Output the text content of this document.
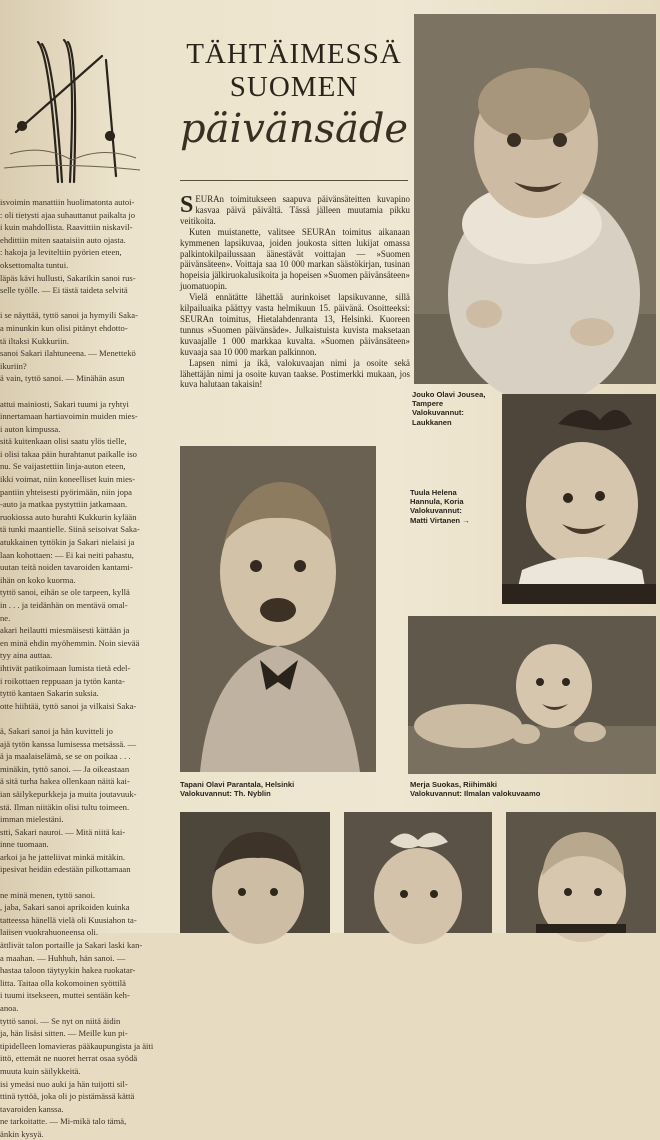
isvoimin manattiin huolimatonta autoi-

: oli tietysti ajaa suhauttanut paikalta jo

i kuin mahdollista. Raavittiin niskavil-

ehdittiin miten saataisiin auto ojasta.

: hakoja ja leviteltiin pyörien eteen,

oksettomalta tuntui.

läpäs kävi hullusti, Sakarikin sanoi rus-

selle työlle. — Ei tästä taideta selvitä

i se näyttää, tyttö sanoi ja hymyili Saka-

a minunkin kun olisi pitänyt ehdotto-

tä iltaksi Kukkuriin.

sanoi Sakari ilahtuneena. — Menettekö

ikuriin?

ä vain, tyttö sanoi. — Minähän asun

attui mainiosti, Sakari tuumi ja ryhtyi

innertamaan hartiavoimin muiden mies-

i auton kimpussa.

sitä kuitenkaan olisi saatu ylös tielle,

i olisi takaa päin hurahtanut paikalle iso

nu. Se vaijastettiin linja-auton eteen,

ikki voimat, niin koneelliset kuin mies-

pantiin yhteisesti pyörimään, niin jopa

-auto ja matkaa pystyttiin jatkamaan.

ruokiossa auto hurahti Kukkurin kylään

tä tunki maantielle. Siinä seisoivat Saka-

atukkainen tyttökin ja Sakari nielaisi ja

laan kohottaen: — Ei kai neiti pahastu,

uutan teitä noiden tavaroiden kantami-

ihän on koko kuorma.

tyttö sanoi, eihän se ole tarpeen, kyllä

in . . . ja teidänhän on mentävä omal-

ne.

akari heilautti miesmäisesti kättään ja

en minä ehdin myöhemmin. Noin sievää

tyy aina auttaa.

ihtivät patikoimaan lumista tietä edel-

i roikottaen reppuaan ja tytön kanta-

tyttö kantaen Sakarin suksia.

otte hiihtää, tyttö sanoi ja vilkaisi Saka-

ä, Sakari sanoi ja hän kuvitteli jo

ajä tytön kanssa lumisessa metsässä. —

ä ja maalaiselämä, se se on poikaa . . .

minäkin, tyttö sanoi. — Ja oikeastaan

ä sitä turha hakea ollenkaan näitä kai-

ian säilykepurkkeja ja muita joutavuuk-

stä. Ilman niitäkin olisi tultu toimeen.

imman mielestäni.

stti, Sakari nauroi. — Mitä niitä kai-

inne tuomaan.

arkoi ja he jatteliivat minkä mitäkin.

ipesivat heidän edestään pilkottamaan

ne minä menen, tyttö sanoi.

, jaba, Sakari sanoi aprikoiden kuinka

tatteessa hänellä vielä oli Kuusiahon ta-

laiisen vuokrahuoneensa oli.

ättlivät talon portaille ja Sakari laski kan-

a maahan. — Huhhuh, hän sanoi. —

hastaa taloon täytyykin hakea ruokatar-

litta. Taitaa olla kokomoinen syöttilä

i tuumi itsekseen, muttei sentään keh-

anoa.

tyttö sanoi. — Se nyt on niitä äidin

ja, hän lisäsi sitten. — Meille kun pi-

tipidelleen lomavieras pääkaupungista ja äiti

ittö, ettemät ne nuoret herrat osaa syödä

muuta kuin säilykkeitä.

isi ymeäsi nuo auki ja hän tuijotti sil-

ttinä tyttöä, joka oli jo pistämässä kättä

tavaroiden kanssa.

ne tarkoitatte. — Mi-mikä talo tämä,

änkin kysyä.

TÄHTÄIMESSÄ
SUOMEN
päivänsäde

S EURAn toimitukseen saapuva päivänsäteitten kuvapino kasvaa päivä päivältä. Tässä jälleen muutamia pikku veitikoita.

Kuten muistanette, valitsee SEURAn toimitus aikanaan kymmenen lapsikuvaa, joiden joukosta sitten lukijat omassa palkintokilpailussaan äänestävät voittajan — »Suomen päivänsäteen». Voittaja saa 10 000 markan säästökirjan, tusinan hopeisia jälkiruokalusikoita ja hopeisen »Suomen päivänsäteen» juomatuopin.

Vielä ennätätte lähettää aurinkoiset lapsikuvanne, sillä kilpailuaika päättyy vasta helmikuun 15. päivänä. Osoitteeksi: SEURAn toimitus, Hietalahdenranta 13, Helsinki. Kuoreen tunnus »Suomen päivänsäde». Julkaistuista kuvista maksetaan kuvaajalle 1 000 markkaa kuvalta. »Suomen päivänsäteen» kuvaaja saa 10 000 markan palkinnon.

Lapsen nimi ja ikä, valokuvaajan nimi ja osoite sekä lähettäjän nimi ja osoite kuvan taakse. Postimerkki mukaan, jos kuva halutaan takaisin!

Jouko Olavi Jousea,
Tampere
Valokuvannut:
Laukkanen
Tuula Helena
Hannula, Koria
Valokuvannut:
Matti Virtanen →
Tapani Olavi Parantala, Helsinki
Valokuvannut: Th. Nyblin
Merja Suokas, Riihimäki
Valokuvannut: Ilmalan valokuvaamo
